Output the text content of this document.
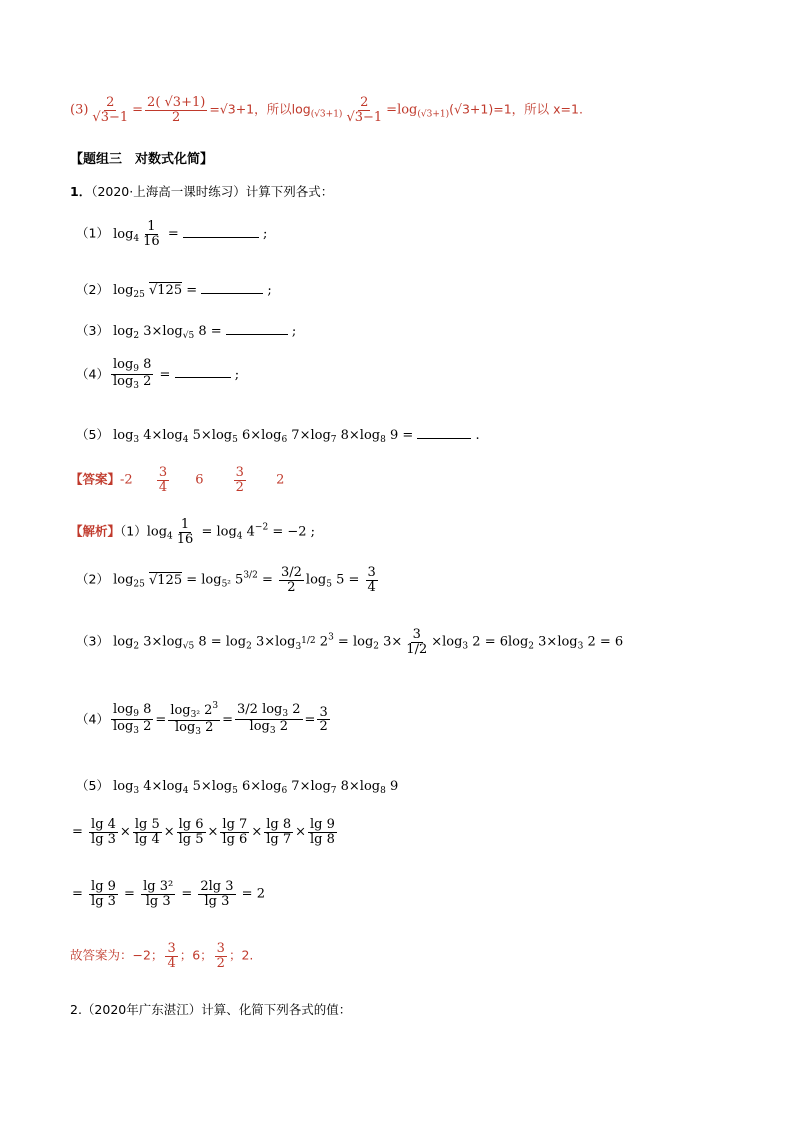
$(3) \frac{2}{√3-1} = \frac{2( √3+1)}{2} =√3+1$，所以$\log_{(√3+1)} \frac{2}{√3-1} =\log_{(√3+1)}(√3+1)=1$，所以 x=1.
【题组三　对数式化简】
1．（2020·上海高一课时练习）计算下列各式：
（1） $\log_4 \frac{1}{16}$ =	;
（2） $\log_{25} √125$ =	;
（3） $\log_2 3\times\log_{√5}$ 8 =	;
$(4) \frac{\log_9 8}{\log_3 2}$ =	;
（5） $\log_3 4\times\log_4$ $5\times\log_5$ $6\times\log_6$ $7\times\log_7$ $8\times\log_8$ 9 =	.
【答案】$-2 \frac{3}{4} 6 \frac{3}{2} 2$
【解析】$(1)\log_4 \frac{1}{16} = \log_4 4^{-2} = -2$ ;
（2） $\log_{25} √125 = \log_{5^2} 5^{3/2} = \frac{3/2}{2} \log_5 5 = \frac{3}{4}$
（3） $\log_2 3\times\log_{√5}$ $8 = \log_2 3\times\log_{3^{1/2}}$ $2^3 = \log_2 3\times \frac{3}{1/2} \times\log_3$ $2 = 6\log_2$ $3\times\log_3$ 2 = 6
$(4) \frac{\log_9 8}{\log_3 2} = \frac{\log_{3^2} 2^3}{\log_3 2} = \frac{3/2 \log_3 2}{\log_3 2} = \frac{3}{2}$
（5） $\log_3 4\times\log_4$ $5\times\log_5$ $6\times\log_6$ $7\times\log_7$ $8\times\log_8$ 9
= $\frac{\lg 4}{\lg 3} \times \frac{\lg 5}{\lg 4} \times \frac{\lg 6}{\lg 5} \times \frac{\lg 7}{\lg 6} \times \frac{\lg 8}{\lg 7} \times \frac{\lg 9}{\lg 8}$
= $\frac{\lg 9}{\lg 3} = \frac{\text{lg 3²}}{\lg 3} = \frac{2\lg 3}{\lg 3} = 2$
故答案为：−2； $\frac{3}{4}$ ；6； $\frac{3}{2}$ ；2.
2.（2020年广东湛江）计算、化简下列各式的值：
